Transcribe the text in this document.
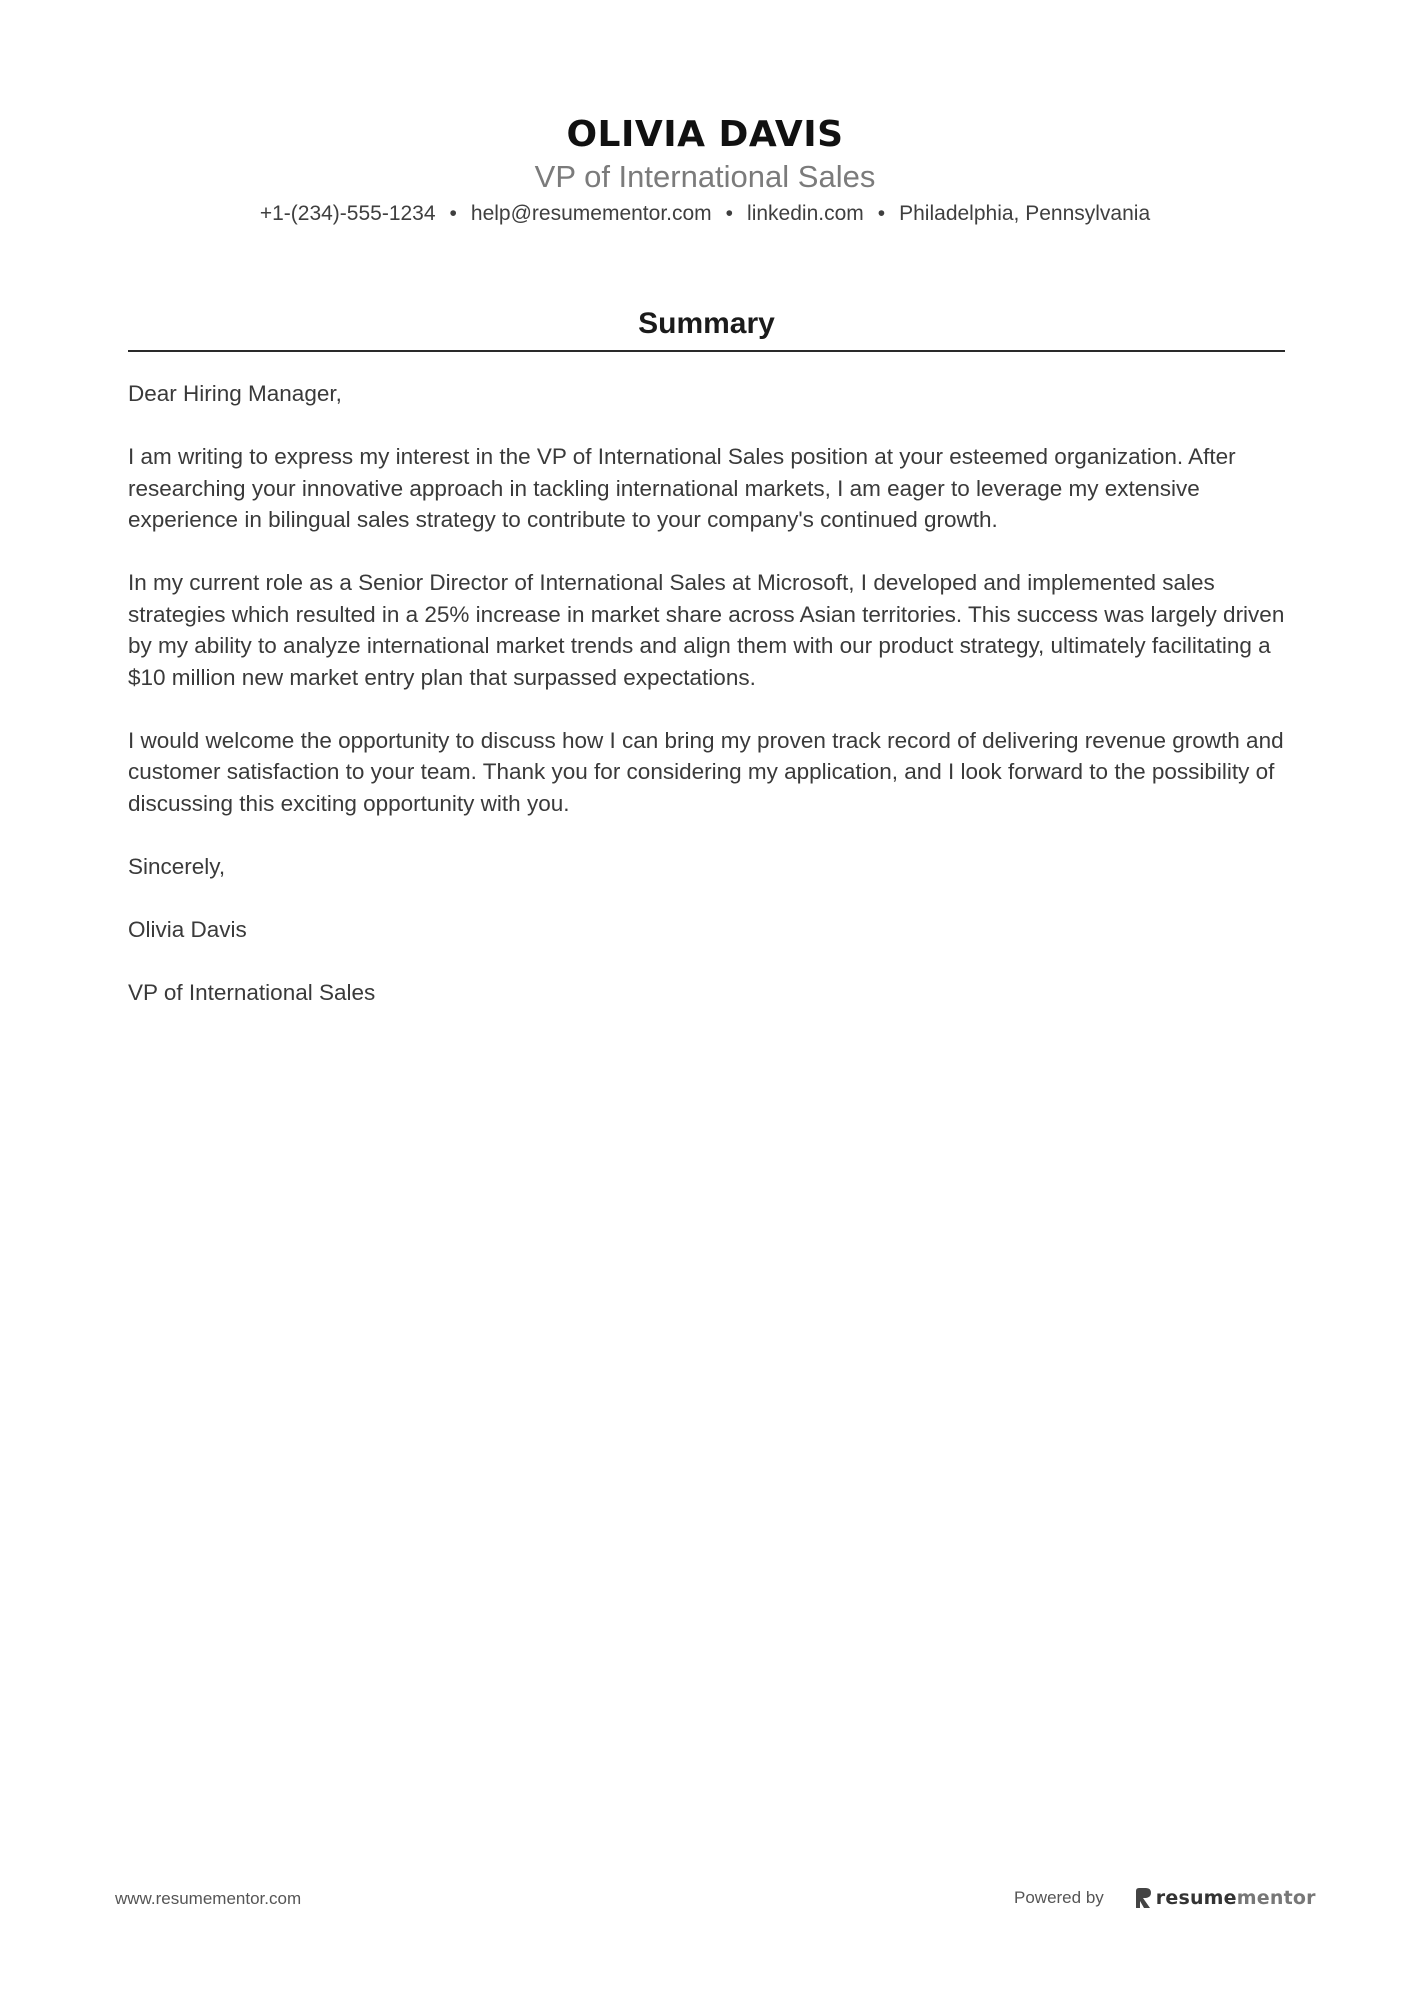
OLIVIA DAVIS
VP of International Sales
+1-(234)-555-1234 • help@resumementor.com • linkedin.com • Philadelphia, Pennsylvania
Summary

Dear Hiring Manager,

I am writing to express my interest in the VP of International Sales position at your esteemed organization. After researching your innovative approach in tackling international markets, I am eager to leverage my extensive experience in bilingual sales strategy to contribute to your company's continued growth.

In my current role as a Senior Director of International Sales at Microsoft, I developed and implemented sales strategies which resulted in a 25% increase in market share across Asian territories. This success was largely driven by my ability to analyze international market trends and align them with our product strategy, ultimately facilitating a $10 million new market entry plan that surpassed expectations.

I would welcome the opportunity to discuss how I can bring my proven track record of delivering revenue growth and customer satisfaction to your team. Thank you for considering my application, and I look forward to the possibility of discussing this exciting opportunity with you.

Sincerely,

Olivia Davis

VP of International Sales

www.resumementor.com	Powered by	resumementor
